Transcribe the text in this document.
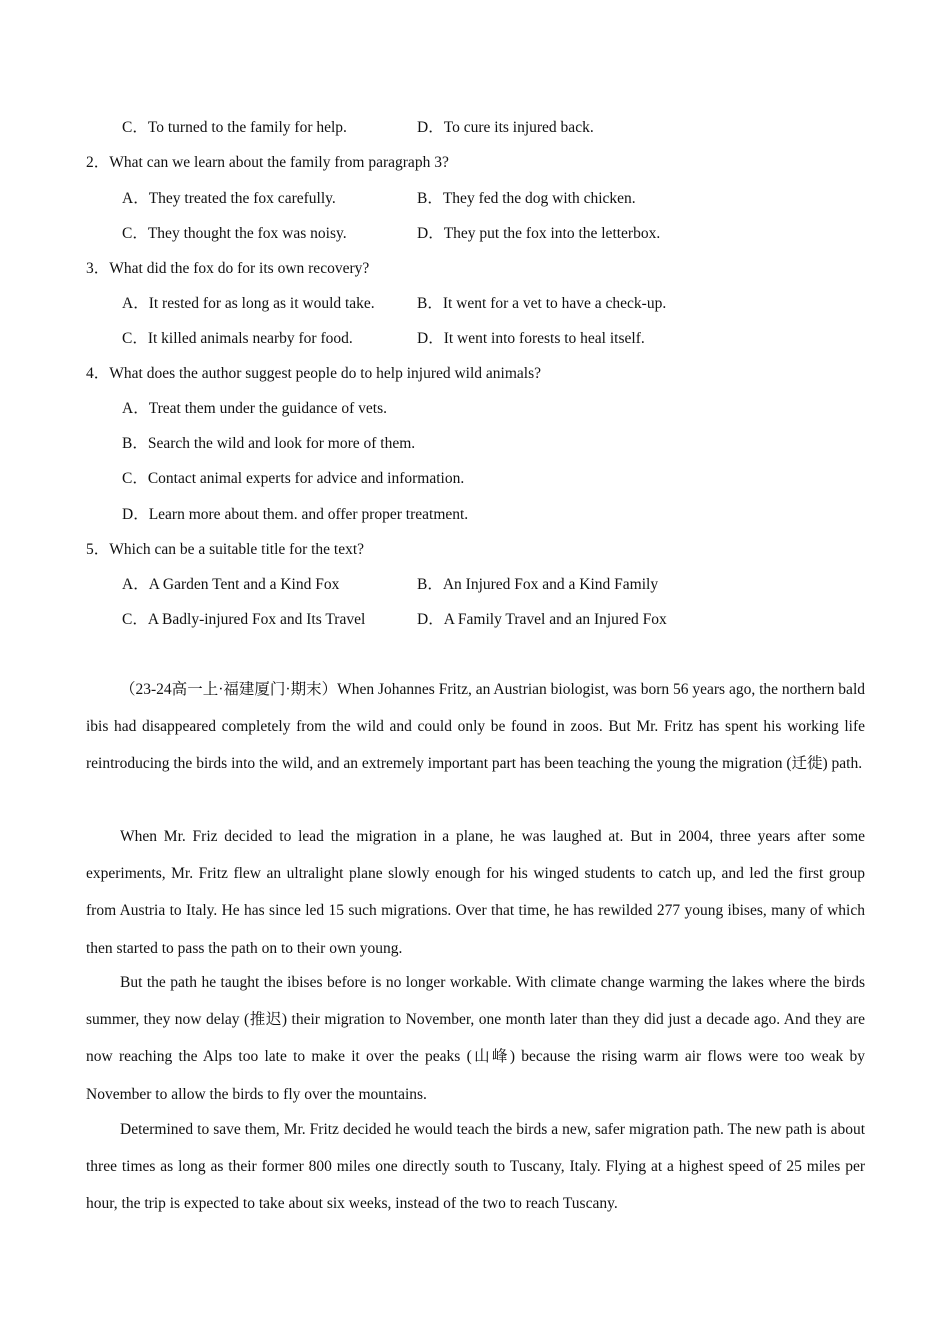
C．To turned to the family for help.	D．To cure its injured back.
2．What can we learn about the family from paragraph 3?
A．They treated the fox carefully.	B．They fed the dog with chicken.
C．They thought the fox was noisy.	D．They put the fox into the letterbox.
3．What did the fox do for its own recovery?
A．It rested for as long as it would take.	B．It went for a vet to have a check-up.
C．It killed animals nearby for food.	D．It went into forests to heal itself.
4．What does the author suggest people do to help injured wild animals?
A．Treat them under the guidance of vets.
B．Search the wild and look for more of them.
C．Contact animal experts for advice and information.
D．Learn more about them. and offer proper treatment.
5．Which can be a suitable title for the text?
A．A Garden Tent and a Kind Fox	B．An Injured Fox and a Kind Family
C．A Badly-injured Fox and Its Travel	D．A Family Travel and an Injured Fox

（23-24高一上·福建厦门·期末）When Johannes Fritz, an Austrian biologist, was born 56 years ago, the northern bald ibis had disappeared completely from the wild and could only be found in zoos. But Mr. Fritz has spent his working life reintroducing the birds into the wild, and an extremely important part has been teaching the young the migration (迁徙) path.

When Mr. Friz decided to lead the migration in a plane, he was laughed at. But in 2004, three years after some experiments, Mr. Fritz flew an ultralight plane slowly enough for his winged students to catch up, and led the first group from Austria to Italy. He has since led 15 such migrations. Over that time, he has rewilded 277 young ibises, many of which then started to pass the path on to their own young.

But the path he taught the ibises before is no longer workable. With climate change warming the lakes where the birds summer, they now delay (推迟) their migration to November, one month later than they did just a decade ago. And they are now reaching the Alps too late to make it over the peaks (山峰) because the rising warm air flows were too weak by November to allow the birds to fly over the mountains.

Determined to save them, Mr. Fritz decided he would teach the birds a new, safer migration path. The new path is about three times as long as their former 800 miles one directly south to Tuscany, Italy. Flying at a highest speed of 25 miles per hour, the trip is expected to take about six weeks, instead of the two to reach Tuscany.
